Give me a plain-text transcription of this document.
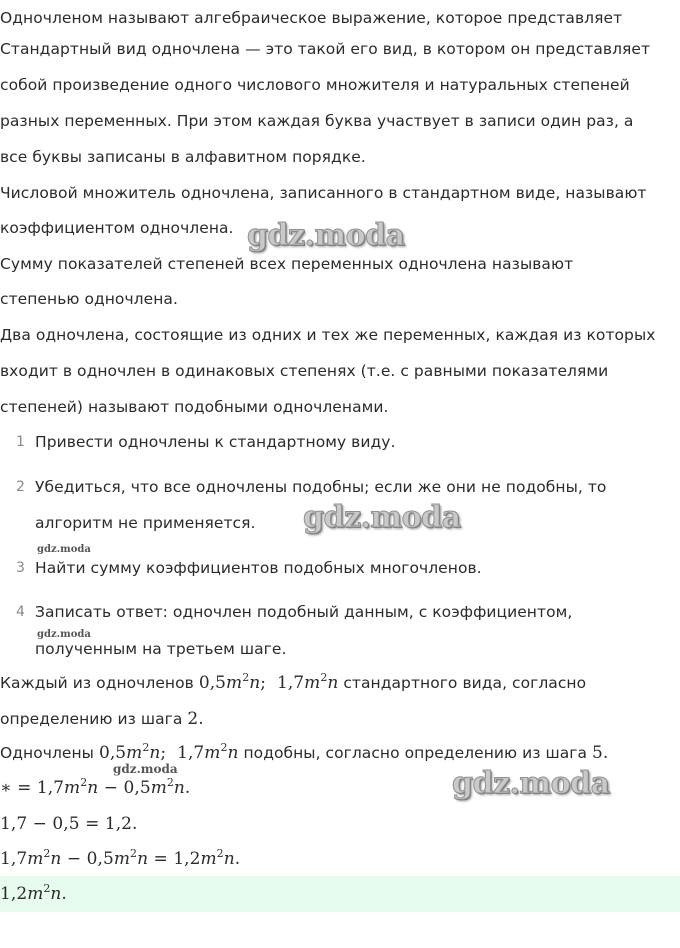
Одночленом называют алгебраическое выражение, которое представляет
Стандартный вид одночлена — это такой его вид, в котором он представляет
собой произведение одного числового множителя и натуральных степеней
разных переменных. При этом каждая буква участвует в записи один раз, а
все буквы записаны в алфавитном порядке.
Числовой множитель одночлена, записанного в стандартном виде, называют
коэффициентом одночлена.
Сумму показателей степеней всех переменных одночлена называют
степенью одночлена.
Два одночлена, состоящие из одних и тех же переменных, каждая из которых
входит в одночлен в одинаковых степенях (т.е. с равными показателями
степеней) называют подобными одночленами.
1 Привести одночлены к стандартному виду.
2 Убедиться, что все одночлены подобны; если же они не подобны, то
алгоритм не применяется.
3 Найти сумму коэффициентов подобных многочленов.
4 Записать ответ: одночлен подобный данным, с коэффициентом,
полученным на третьем шаге.
Каждый из одночленов $0,5m^2n$; $1,7m^2n$ стандартного вида, согласно
определению из шага 2.
Одночлены $0,5m^2n$; $1,7m^2n$ подобны, согласно определению из шага 5.
∗ = $1,7m^2n - 0,5m^2n$.
1,7 − 0,5 = 1,2.
$1,7m^2n - 0,5m^2n = 1,2m^2n$.
$1,2m^2n$.
gdz.moda
gdz.moda
gdz.moda
gdz.moda
gdz.moda
gdz.moda
